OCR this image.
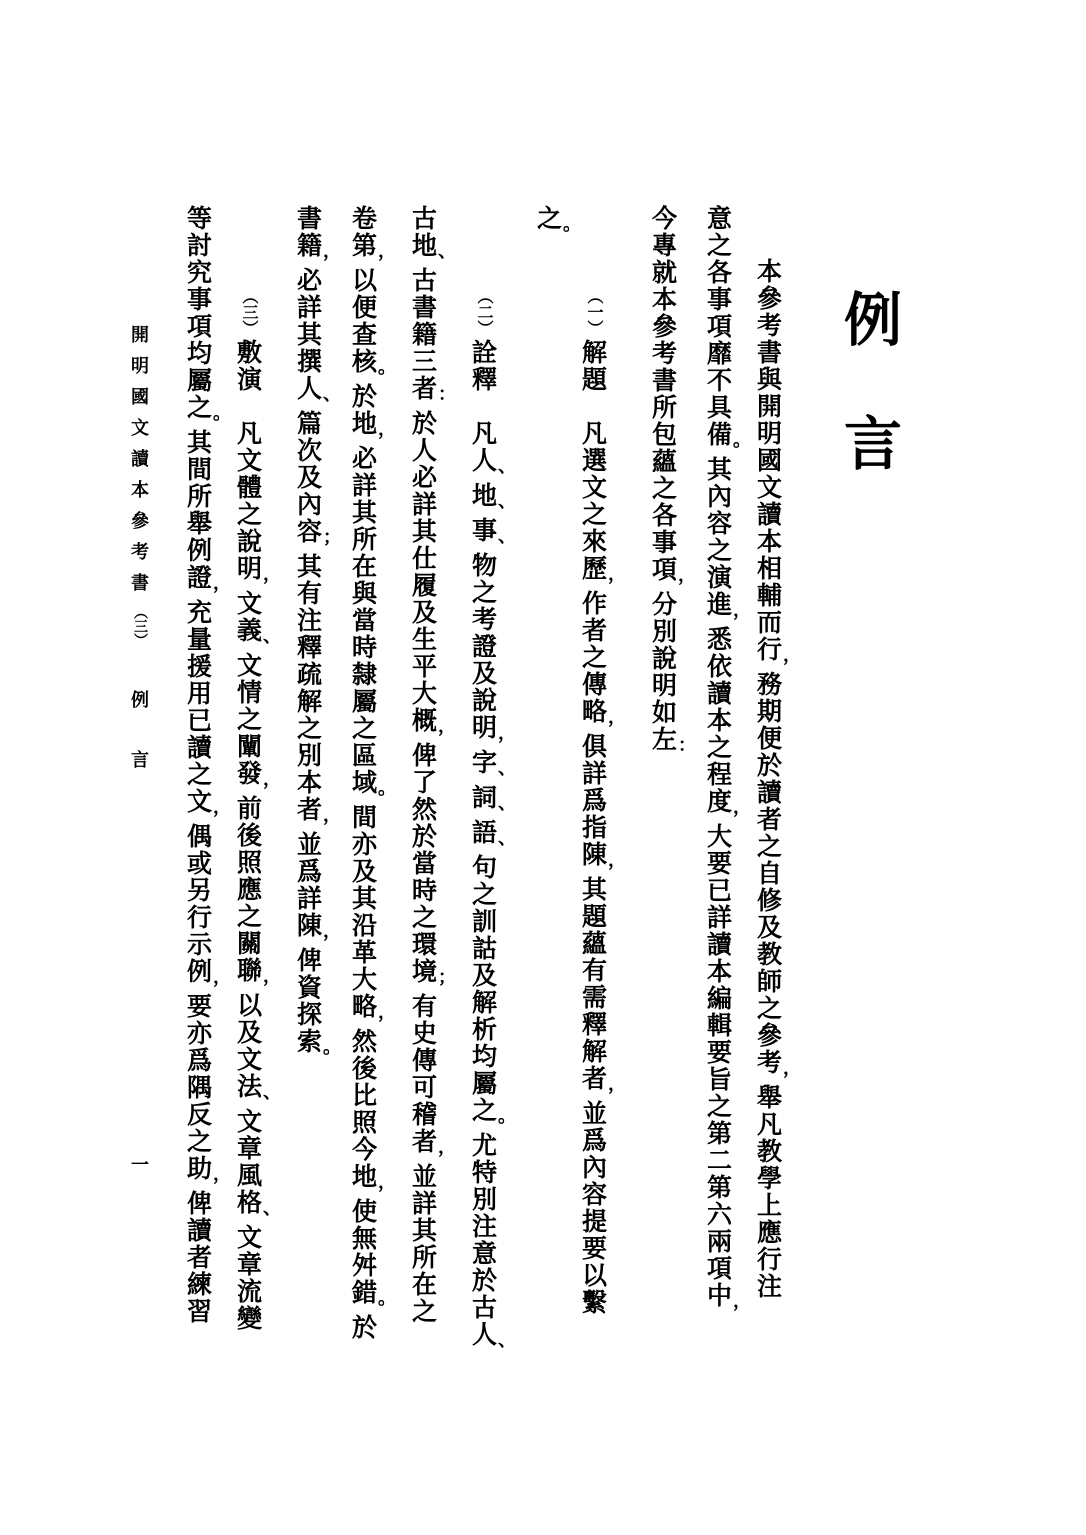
例
言
本
參
考
書
與
開
明
國
文
讀
本
相
輔
而
行 ，
務
期
便
於
讀
者
之
自
修
及
教
師
之
參
考 ，
舉
凡
教
學
上
應
行
注
意
之
各
事
項
靡
不
具
備 。
其
內
容
之
演
進 ，
悉
依
讀
本
之
程
度 ，
大
要
已
詳
讀
本
編
輯
要
旨
之
第
二
第
六
兩
項
中 ，
今
專
就
本
參
考
書
所
包
蘊
之
各
事
項 ，
分
別
說
明
如
左 ：
（一）
解
題
凡
選
文
之
來
歷 ，
作
者
之
傳
略 ，
俱
詳
爲
指
陳 ，
其
題
蘊
有
需
釋
解
者 ，
並
爲
內
容
提
要
以
繫
之 。
（二）
詮
釋
凡
人 、
地 、
事 、
物
之
考
證
及
說
明 ，
字 、
詞 、
語 、
句
之
訓
詁
及
解
析
均
屬
之 。
尤
特
別
注
意
於
古
人 、
古
地 、
古
書
籍
三
者 ：
於
人
必
詳
其
仕
履
及
生
平
大
概 ，
俾
了
然
於
當
時
之
環
境 ；
有
史
傳
可
稽
者 ，
並
詳
其
所
在
之
卷
第 ，
以
便
查
核 。
於
地 ，
必
詳
其
所
在
與
當
時
隸
屬
之
區
域 。
間
亦
及
其
沿
革
大
略 ，
然
後
比
照
今
地 ，
使
無
舛
錯 。
於
書
籍 ，
必
詳
其
撰
人 、
篇
次
及
內
容 ；
其
有
注
釋
疏
解
之
別
本
者 ，
並
爲
詳
陳 ，
俾
資
探
索 。
（三）
敷
演
凡
文
體
之
說
明 ，
文
義 、
文
情
之
闡
發 ，
前
後
照
應
之
關
聯 ，
以
及
文
法 、
文
章
風
格 、
文
章
流
變
等
討
究
事
項
均
屬
之 。
其
間
所
舉
例
證 ，
充
量
援
用
已
讀
之
文 ，
偶
或
另
行
示
例 ，
要
亦
爲
隅
反
之
助 ，
俾
讀
者
練
習
開
明
國
文
讀
本
參
考
書
（三）
例
言
一
